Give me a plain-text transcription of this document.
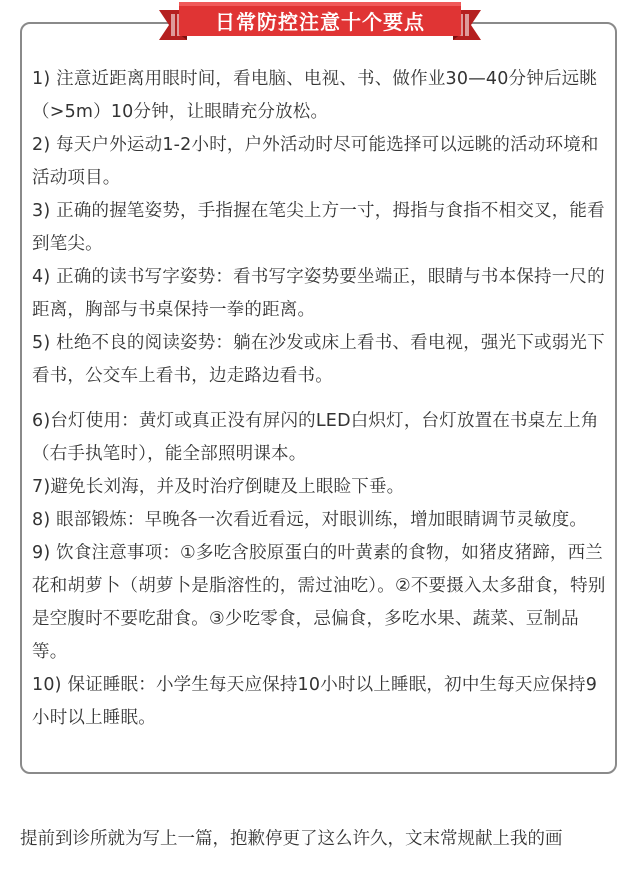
日常防控注意十个要点
1) 注意近距离用眼时间，看电脑、电视、书、做作业30—40分钟后远眺（>5m）10分钟，让眼睛充分放松。
2) 每天户外运动1-2小时，户外活动时尽可能选择可以远眺的活动环境和活动项目。
3) 正确的握笔姿势，手指握在笔尖上方一寸，拇指与食指不相交叉，能看到笔尖。
4) 正确的读书写字姿势：看书写字姿势要坐端正，眼睛与书本保持一尺的距离，胸部与书桌保持一拳的距离。
5) 杜绝不良的阅读姿势：躺在沙发或床上看书、看电视，强光下或弱光下看书，公交车上看书，边走路边看书。
6)台灯使用：黄灯或真正没有屏闪的LED白炽灯，台灯放置在书桌左上角（右手执笔时），能全部照明课本。
7)避免长刘海，并及时治疗倒睫及上眼睑下垂。
8) 眼部锻炼：早晚各一次看近看远，对眼训练，增加眼睛调节灵敏度。
9) 饮食注意事项：①多吃含胶原蛋白的叶黄素的食物，如猪皮猪蹄，西兰花和胡萝卜（胡萝卜是脂溶性的，需过油吃）。②不要摄入太多甜食，特别是空腹时不要吃甜食。③少吃零食，忌偏食，多吃水果、蔬菜、豆制品等。
10) 保证睡眠：小学生每天应保持10小时以上睡眠，初中生每天应保持9小时以上睡眠。
提前到诊所就为写上一篇，抱歉停更了这么许久，文末常规献上我的画
